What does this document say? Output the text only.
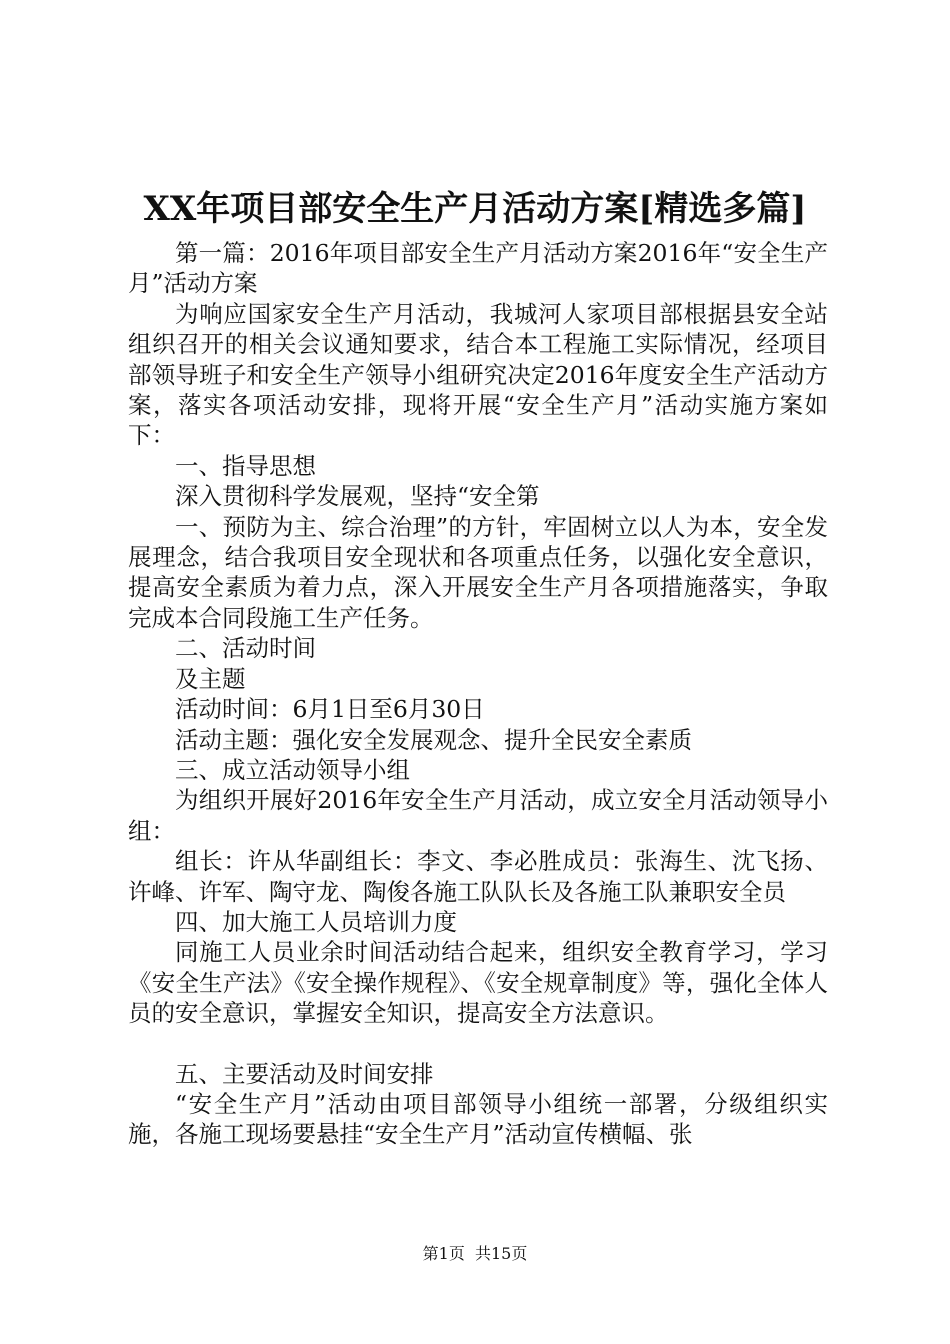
XX年项目部安全生产月活动方案[精选多篇]

第一篇：2016年项目部安全生产月活动方案2016年“安全生产月”活动方案

为响应国家安全生产月活动，我城河人家项目部根据县安全站组织召开的相关会议通知要求，结合本工程施工实际情况，经项目部领导班子和安全生产领导小组研究决定2016年度安全生产活动方案，落实各项活动安排，现将开展“安全生产月”活动实施方案如下：

一、指导思想

深入贯彻科学发展观，坚持“安全第

一、预防为主、综合治理”的方针，牢固树立以人为本，安全发展理念，结合我项目安全现状和各项重点任务，以强化安全意识，提高安全素质为着力点，深入开展安全生产月各项措施落实，争取完成本合同段施工生产任务。

二、活动时间

及主题

活动时间：6月1日至6月30日

活动主题：强化安全发展观念、提升全民安全素质

三、成立活动领导小组

为组织开展好2016年安全生产月活动，成立安全月活动领导小组：

组长：许从华副组长：李文、李必胜成员：张海生、沈飞扬、许峰、许军、陶守龙、陶俊各施工队队长及各施工队兼职安全员

四、加大施工人员培训力度

同施工人员业余时间活动结合起来，组织安全教育学习，学习《安全生产法》《安全操作规程》、《安全规章制度》等，强化全体人员的安全意识，掌握安全知识，提高安全方法意识。

五、主要活动及时间安排

“安全生产月”活动由项目部领导小组统一部署，分级组织实施，各施工现场要悬挂“安全生产月”活动宣传横幅、张

第1页  共15页
